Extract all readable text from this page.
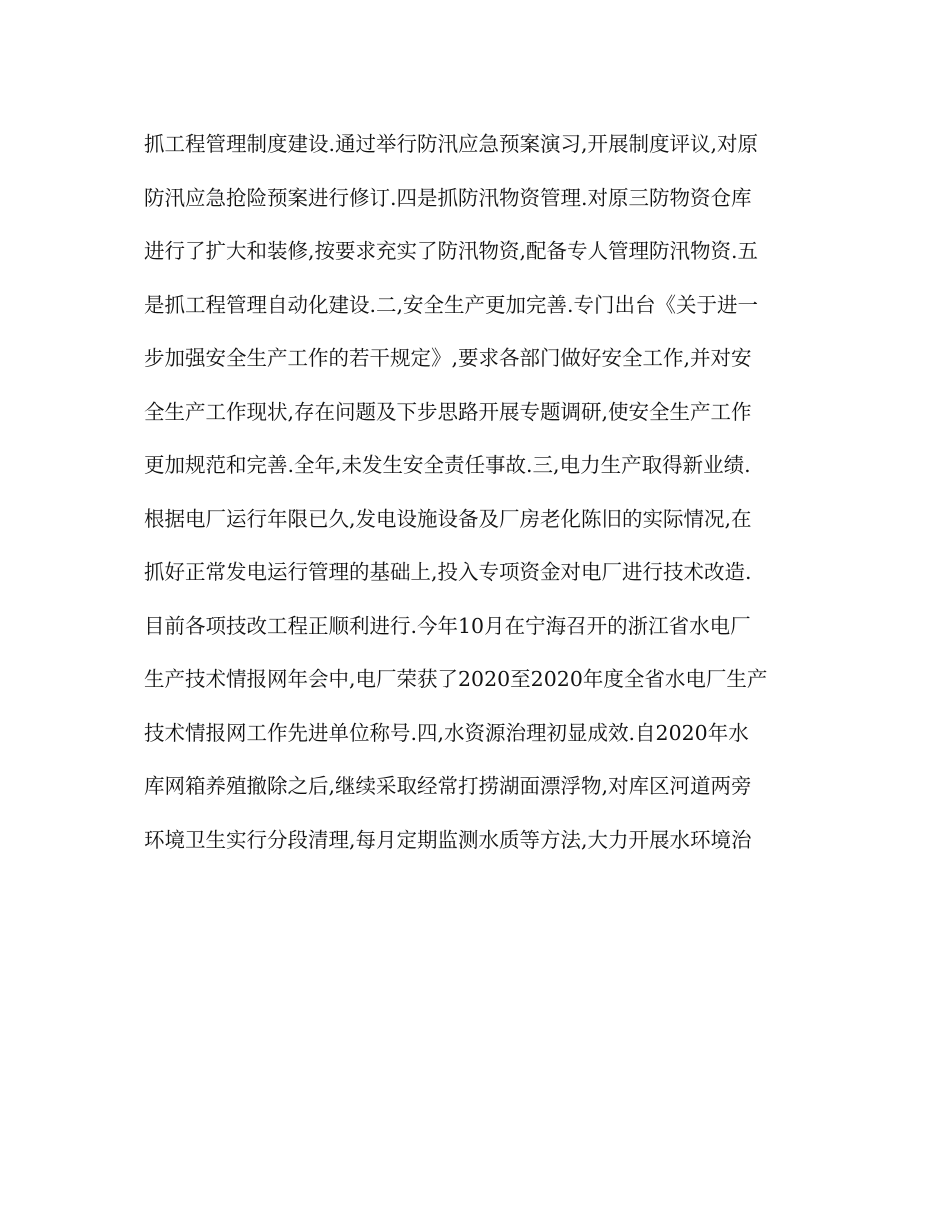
抓工程管理制度建设.通过举行防汛应急预案演习,开展制度评议,对原
防汛应急抢险预案进行修订.四是抓防汛物资管理.对原三防物资仓库
进行了扩大和装修,按要求充实了防汛物资,配备专人管理防汛物资.五
是抓工程管理自动化建设.二,安全生产更加完善.专门出台《关于进一
步加强安全生产工作的若干规定》,要求各部门做好安全工作,并对安
全生产工作现状,存在问题及下步思路开展专题调研,使安全生产工作
更加规范和完善.全年,未发生安全责任事故.三,电力生产取得新业绩.
根据电厂运行年限已久,发电设施设备及厂房老化陈旧的实际情况,在
抓好正常发电运行管理的基础上,投入专项资金对电厂进行技术改造.
目前各项技改工程正顺利进行.今年10月在宁海召开的浙江省水电厂
生产技术情报网年会中,电厂荣获了2020至2020年度全省水电厂生产
技术情报网工作先进单位称号.四,水资源治理初显成效.自2020年水
库网箱养殖撤除之后,继续采取经常打捞湖面漂浮物,对库区河道两旁
环境卫生实行分段清理,每月定期监测水质等方法,大力开展水环境治
